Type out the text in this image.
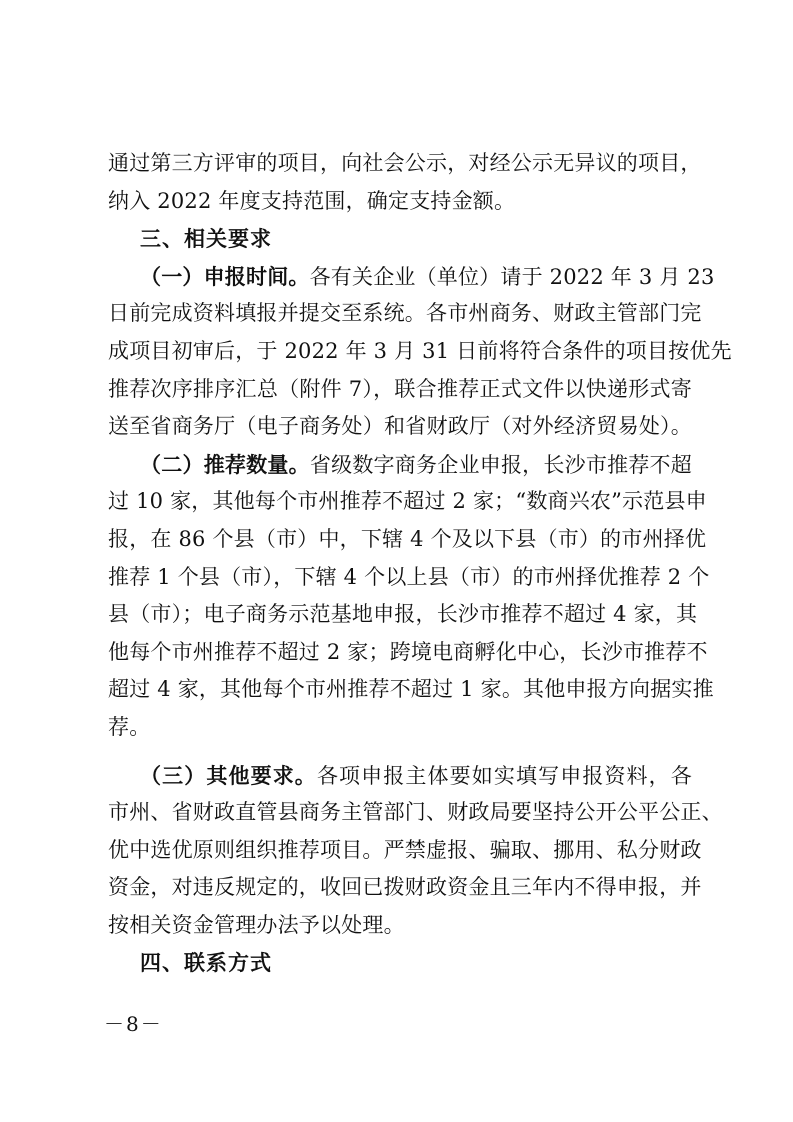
通过第三方评审的项目，向社会公示，对经公示无异议的项目，
纳入 2022 年度支持范围，确定支持金额。
三、相关要求
（一）申报时间。各有关企业（单位）请于 2022 年 3 月 23
日前完成资料填报并提交至系统。各市州商务、财政主管部门完
成项目初审后，于 2022 年 3 月 31 日前将符合条件的项目按优先
推荐次序排序汇总（附件 7），联合推荐正式文件以快递形式寄
送至省商务厅（电子商务处）和省财政厅（对外经济贸易处）。
（二）推荐数量。省级数字商务企业申报，长沙市推荐不超
过 10 家，其他每个市州推荐不超过 2 家；“数商兴农”示范县申
报，在 86 个县（市）中，下辖 4 个及以下县（市）的市州择优
推荐 1 个县（市），下辖 4 个以上县（市）的市州择优推荐 2 个
县（市）；电子商务示范基地申报，长沙市推荐不超过 4 家，其
他每个市州推荐不超过 2 家；跨境电商孵化中心，长沙市推荐不
超过 4 家，其他每个市州推荐不超过 1 家。其他申报方向据实推
荐。
（三）其他要求。各项申报主体要如实填写申报资料，各
市州、省财政直管县商务主管部门、财政局要坚持公开公平公正、
优中选优原则组织推荐项目。严禁虚报、骗取、挪用、私分财政
资金，对违反规定的，收回已拨财政资金且三年内不得申报，并
按相关资金管理办法予以处理。
四、联系方式
－8－
